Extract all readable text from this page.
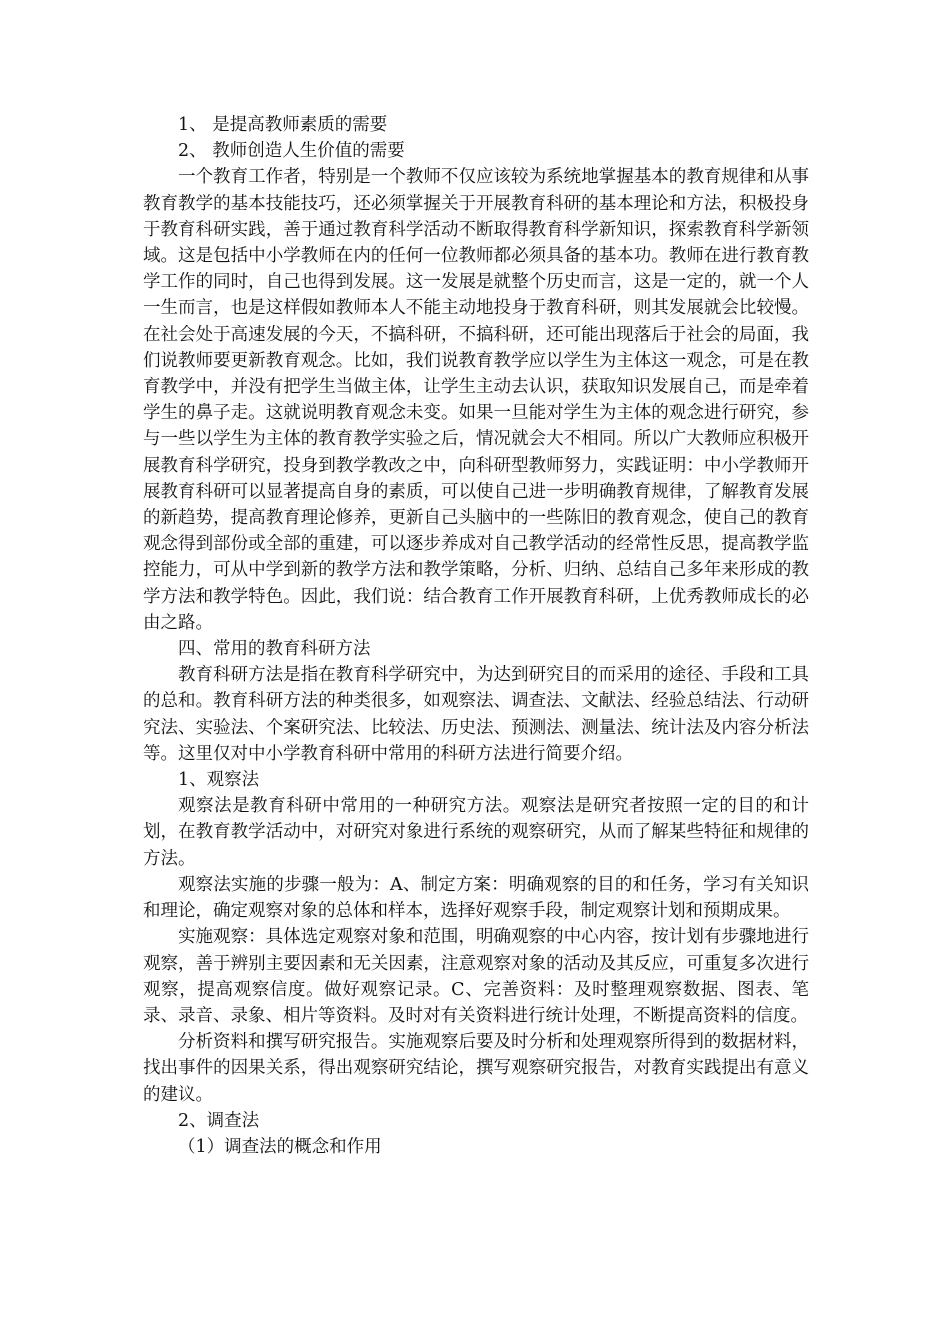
1、 是提高教师素质的需要

2、 教师创造人生价值的需要

一个教育工作者，特别是一个教师不仅应该较为系统地掌握基本的教育规律和从事教育教学的基本技能技巧，还必须掌握关于开展教育科研的基本理论和方法，积极投身于教育科研实践，善于通过教育科学活动不断取得教育科学新知识，探索教育科学新领域。这是包括中小学教师在内的任何一位教师都必须具备的基本功。教师在进行教育教学工作的同时，自己也得到发展。这一发展是就整个历史而言，这是一定的，就一个人一生而言，也是这样假如教师本人不能主动地投身于教育科研，则其发展就会比较慢。在社会处于高速发展的今天，不搞科研，不搞科研，还可能出现落后于社会的局面，我们说教师要更新教育观念。比如，我们说教育教学应以学生为主体这一观念，可是在教育教学中，并没有把学生当做主体，让学生主动去认识，获取知识发展自己，而是牵着学生的鼻子走。这就说明教育观念未变。如果一旦能对学生为主体的观念进行研究，参与一些以学生为主体的教育教学实验之后，情况就会大不相同。所以广大教师应积极开展教育科学研究，投身到教学教改之中，向科研型教师努力，实践证明：中小学教师开展教育科研可以显著提高自身的素质，可以使自己进一步明确教育规律，了解教育发展的新趋势，提高教育理论修养，更新自己头脑中的一些陈旧的教育观念，使自己的教育观念得到部份或全部的重建，可以逐步养成对自己教学活动的经常性反思，提高教学监控能力，可从中学到新的教学方法和教学策略，分析、归纳、总结自己多年来形成的教学方法和教学特色。因此，我们说：结合教育工作开展教育科研，上优秀教师成长的必由之路。

四、常用的教育科研方法

教育科研方法是指在教育科学研究中，为达到研究目的而采用的途径、手段和工具的总和。教育科研方法的种类很多，如观察法、调查法、文献法、经验总结法、行动研究法、实验法、个案研究法、比较法、历史法、预测法、测量法、统计法及内容分析法等。这里仅对中小学教育科研中常用的科研方法进行简要介绍。

1、观察法

观察法是教育科研中常用的一种研究方法。观察法是研究者按照一定的目的和计划，在教育教学活动中，对研究对象进行系统的观察研究，从而了解某些特征和规律的方法。

观察法实施的步骤一般为：A、制定方案：明确观察的目的和任务，学习有关知识和理论，确定观察对象的总体和样本，选择好观察手段，制定观察计划和预期成果。

实施观察：具体选定观察对象和范围，明确观察的中心内容，按计划有步骤地进行观察，善于辨别主要因素和无关因素，注意观察对象的活动及其反应，可重复多次进行观察，提高观察信度。做好观察记录。C、完善资料：及时整理观察数据、图表、笔录、录音、录象、相片等资料。及时对有关资料进行统计处理，不断提高资料的信度。

分析资料和撰写研究报告。实施观察后要及时分析和处理观察所得到的数据材料，找出事件的因果关系，得出观察研究结论，撰写观察研究报告，对教育实践提出有意义的建议。

2、调查法

（1）调查法的概念和作用
